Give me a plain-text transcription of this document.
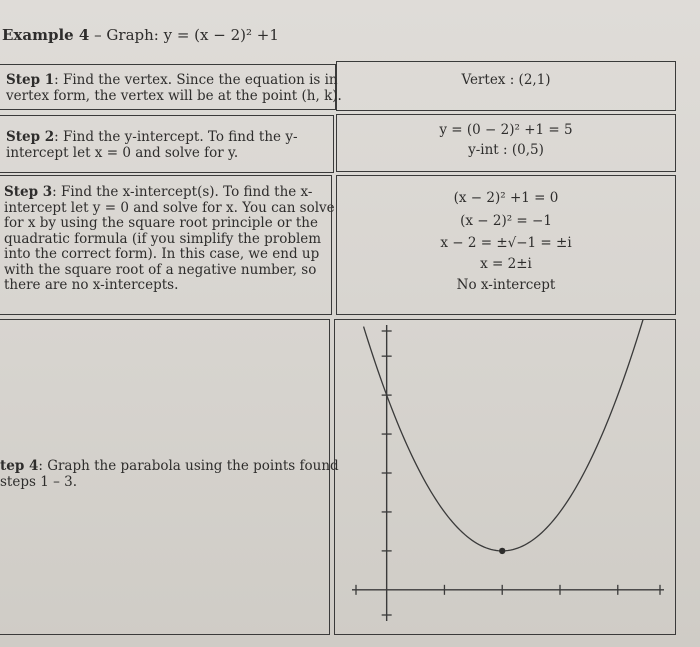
Example 4 – Graph: y = (x − 2)² +1
Step 1: Find the vertex. Since the equation is in
vertex form, the vertex will be at the point (h, k).
Vertex : (2,1)
Step 2: Find the y-intercept. To find the y-
intercept let x = 0 and solve for y.
y = (0 − 2)² +1 = 5
y-int : (0,5)
Step 3: Find the x-intercept(s). To find the x-
intercept let y = 0 and solve for x. You can solve
for x by using the square root principle or the
quadratic formula (if you simplify the problem
into the correct form). In this case, we end up
with the square root of a negative number, so
there are no x-intercepts.
(x − 2)² +1 = 0
(x − 2)² = −1
x − 2 = ±√−1 = ±i
x = 2±i
No x-intercept
tep 4: Graph the parabola using the points found
steps 1 – 3.
